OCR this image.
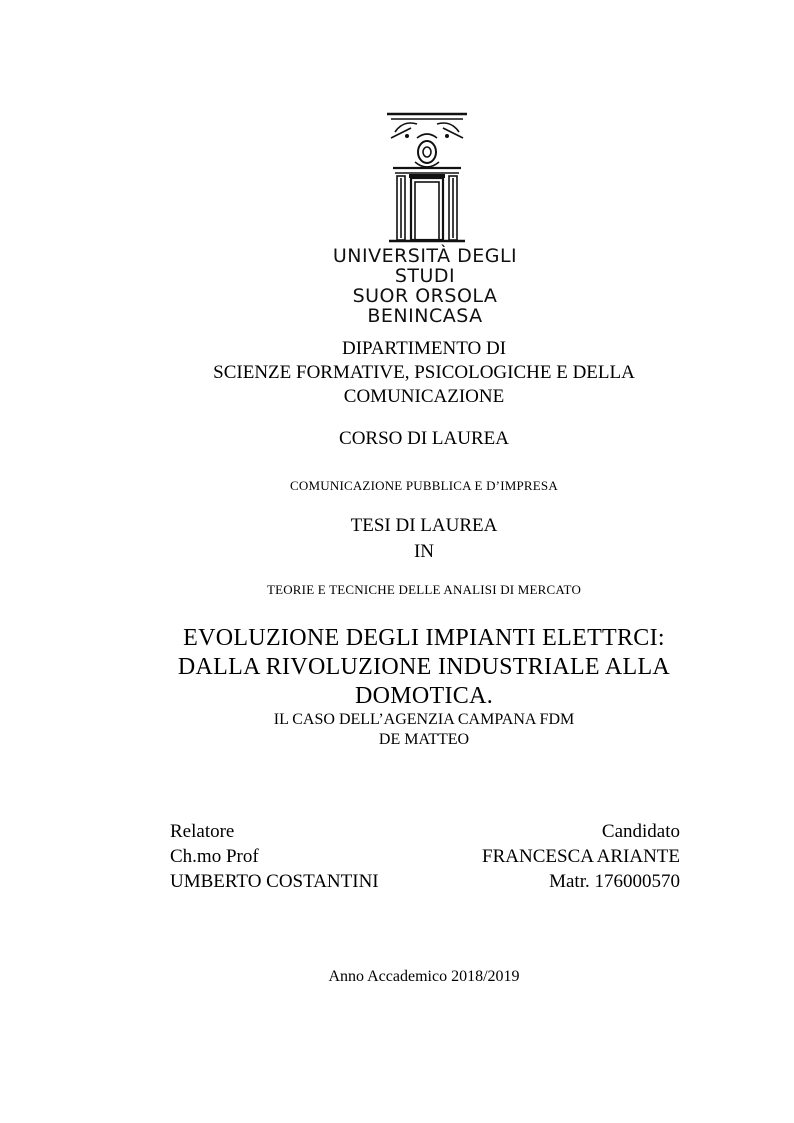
UNIVERSITÀ DEGLI STUDI
SUOR ORSOLA
BENINCASA
DIPARTIMENTO DI
SCIENZE FORMATIVE, PSICOLOGICHE E DELLA
COMUNICAZIONE
CORSO DI LAUREA
COMUNICAZIONE PUBBLICA E D’IMPRESA
TESI DI LAUREA
IN
TEORIE E TECNICHE DELLE ANALISI DI MERCATO
EVOLUZIONE DEGLI IMPIANTI ELETTRCI:
DALLA RIVOLUZIONE INDUSTRIALE ALLA
DOMOTICA.
IL CASO DELL’AGENZIA CAMPANA FDM
DE MATTEO
Relatore
Ch.mo Prof
UMBERTO COSTANTINI
Candidato
FRANCESCA ARIANTE
Matr. 176000570
Anno Accademico 2018/2019
